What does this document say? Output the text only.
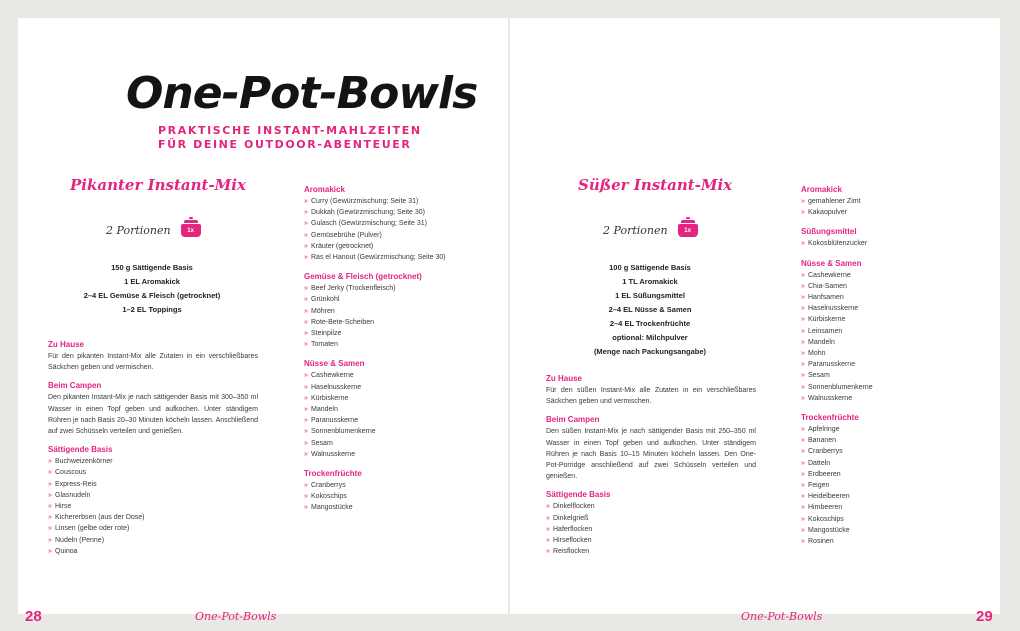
One-Pot-Bowls
PRAKTISCHE INSTANT-MAHLZEITEN
FÜR DEINE OUTDOOR-ABENTEUER
Pikanter Instant-Mix
2 Portionen	1x
150 g Sättigende Basis
1 EL Aromakick
2–4 EL Gemüse & Fleisch (getrocknet)
1–2 EL Toppings
Zu Hause

Für den pikanten Instant-Mix alle Zutaten in ein verschließbares Säckchen geben und vermischen.

Beim Campen

Den pikanten Instant-Mix je nach sättigender Basis mit 300–350 ml Wasser in einen Topf geben und aufkochen. Unter ständigem Rühren je nach Basis 20–30 Minuten köcheln lassen. Anschließend auf zwei Schüsseln verteilen und genießen.

Sättigende Basis
» Buchweizenkörner
» Couscous
» Express-Reis
» Glasnudeln
» Hirse
» Kichererbsen (aus der Dose)
» Linsen (gelbe oder rote)
» Nudeln (Penne)
» Quinoa
Aromakick
» Curry (Gewürzmischung; Seite 31)
» Dukkah (Gewürzmischung; Seite 30)
» Gulasch (Gewürzmischung; Seite 31)
» Gemüsebrühe (Pulver)
» Kräuter (getrocknet)
» Ras el Hanout (Gewürzmischung; Seite 30)
Gemüse & Fleisch (getrocknet)
» Beef Jerky (Trockenfleisch)
» Grünkohl
» Möhren
» Rote-Bete-Scheiben
» Steinpilze
» Tomaten
Nüsse & Samen
» Cashewkerne
» Haselnusskerne
» Kürbiskerne
» Mandeln
» Paranusskerne
» Sonnenblumenkerne
» Sesam
» Walnusskerne
Trockenfrüchte
» Cranberrys
» Kokoschips
» Mangostücke
28	One-Pot-Bowls
Süßer Instant-Mix
2 Portionen	1x
100 g Sättigende Basis
1 TL Aromakick
1 EL Süßungsmittel
2–4 EL Nüsse & Samen
2–4 EL Trockenfrüchte
optional: Milchpulver
(Menge nach Packungsangabe)
Zu Hause

Für den süßen Instant-Mix alle Zutaten in ein verschließbares Säckchen geben und vermischen.

Beim Campen

Den süßen Instant-Mix je nach sättigender Basis mit 250–350 ml Wasser in einen Topf geben und aufkochen. Unter ständigem Rühren je nach Basis 10–15 Minuten köcheln lassen. Den One-Pot-Porridge anschließend auf zwei Schüsseln verteilen und genießen.

Sättigende Basis
» Dinkelflocken
» Dinkelgrieß
» Haferflocken
» Hirseflocken
» Reisflocken
Aromakick
» gemahlener Zimt
» Kakaopulver
Süßungsmittel
» Kokosblütenzucker
Nüsse & Samen
» Cashewkerne
» Chia-Samen
» Hanfsamen
» Haselnusskerne
» Kürbiskerne
» Leinsamen
» Mandeln
» Mohn
» Paranusskerne
» Sesam
» Sonnenblumenkerne
» Walnusskerne
Trockenfrüchte
» Apfelringe
» Bananen
» Cranberrys
» Datteln
» Erdbeeren
» Feigen
» Heidelbeeren
» Himbeeren
» Kokoschips
» Mangostücke
» Rosinen
One-Pot-Bowls	29
